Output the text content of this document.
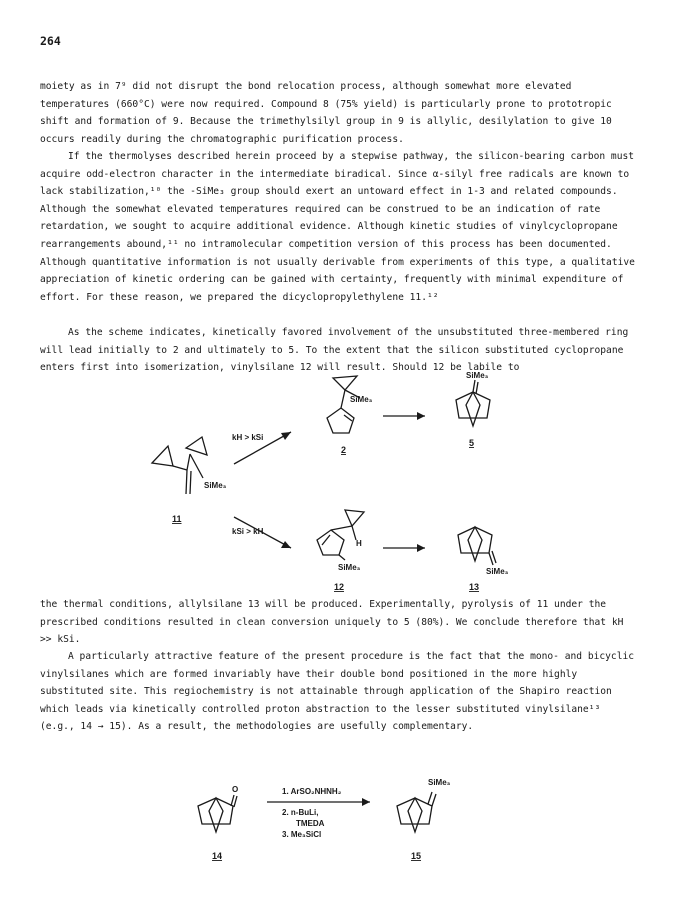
264

moiety as in 7⁹ did not disrupt the bond relocation process, although somewhat more elevated temperatures (660°C) were now required. Compound 8 (75% yield) is particularly prone to prototropic shift and formation of 9. Because the trimethylsilyl group in 9 is allylic, desilylation to give 10 occurs readily during the chromatographic purification process.

If the thermolyses described herein proceed by a stepwise pathway, the silicon-bearing carbon must acquire odd-electron character in the intermediate biradical. Since α-silyl free radicals are known to lack stabilization,¹⁰ the -SiMe₃ group should exert an untoward effect in 1-3 and related compounds. Although the somewhat elevated temperatures required can be construed to be an indication of rate retardation, we sought to acquire additional evidence. Although kinetic studies of vinylcyclopropane rearrangements abound,¹¹ no intramolecular competition version of this process has been documented. Although quantitative information is not usually derivable from experiments of this type, a qualitative appreciation of kinetic ordering can be gained with certainty, frequently with minimal expenditure of effort. For these reason, we prepared the dicyclopropylethylene 11.¹²

As the scheme indicates, kinetically favored involvement of the unsubstituted three-membered ring will lead initially to 2 and ultimately to 5. To the extent that the silicon substituted cyclopropane enters first into isomerization, vinylsilane 12 will result. Should 12 be labile to

SiMe₃
11
kH > kSi
kSi > kH
SiMe₃
2
SiMe₃
5
SiMe₃
H
12
SiMe₃
13

the thermal conditions, allylsilane 13 will be produced. Experimentally, pyrolysis of 11 under the prescribed conditions resulted in clean conversion uniquely to 5 (80%). We conclude therefore that kH >> kSi.

A particularly attractive feature of the present procedure is the fact that the mono- and bicyclic vinylsilanes which are formed invariably have their double bond positioned in the more highly substituted site. This regiochemistry is not attainable through application of the Shapiro reaction which leads via kinetically controlled proton abstraction to the lesser substituted vinylsilane¹³ (e.g., 14 → 15). As a result, the methodologies are usefully complementary.

O	1. ArSO₂NHNH₂
2. n-BuLi,
TMEDA
3. Me₃SiCl
SiMe₃
14	15
